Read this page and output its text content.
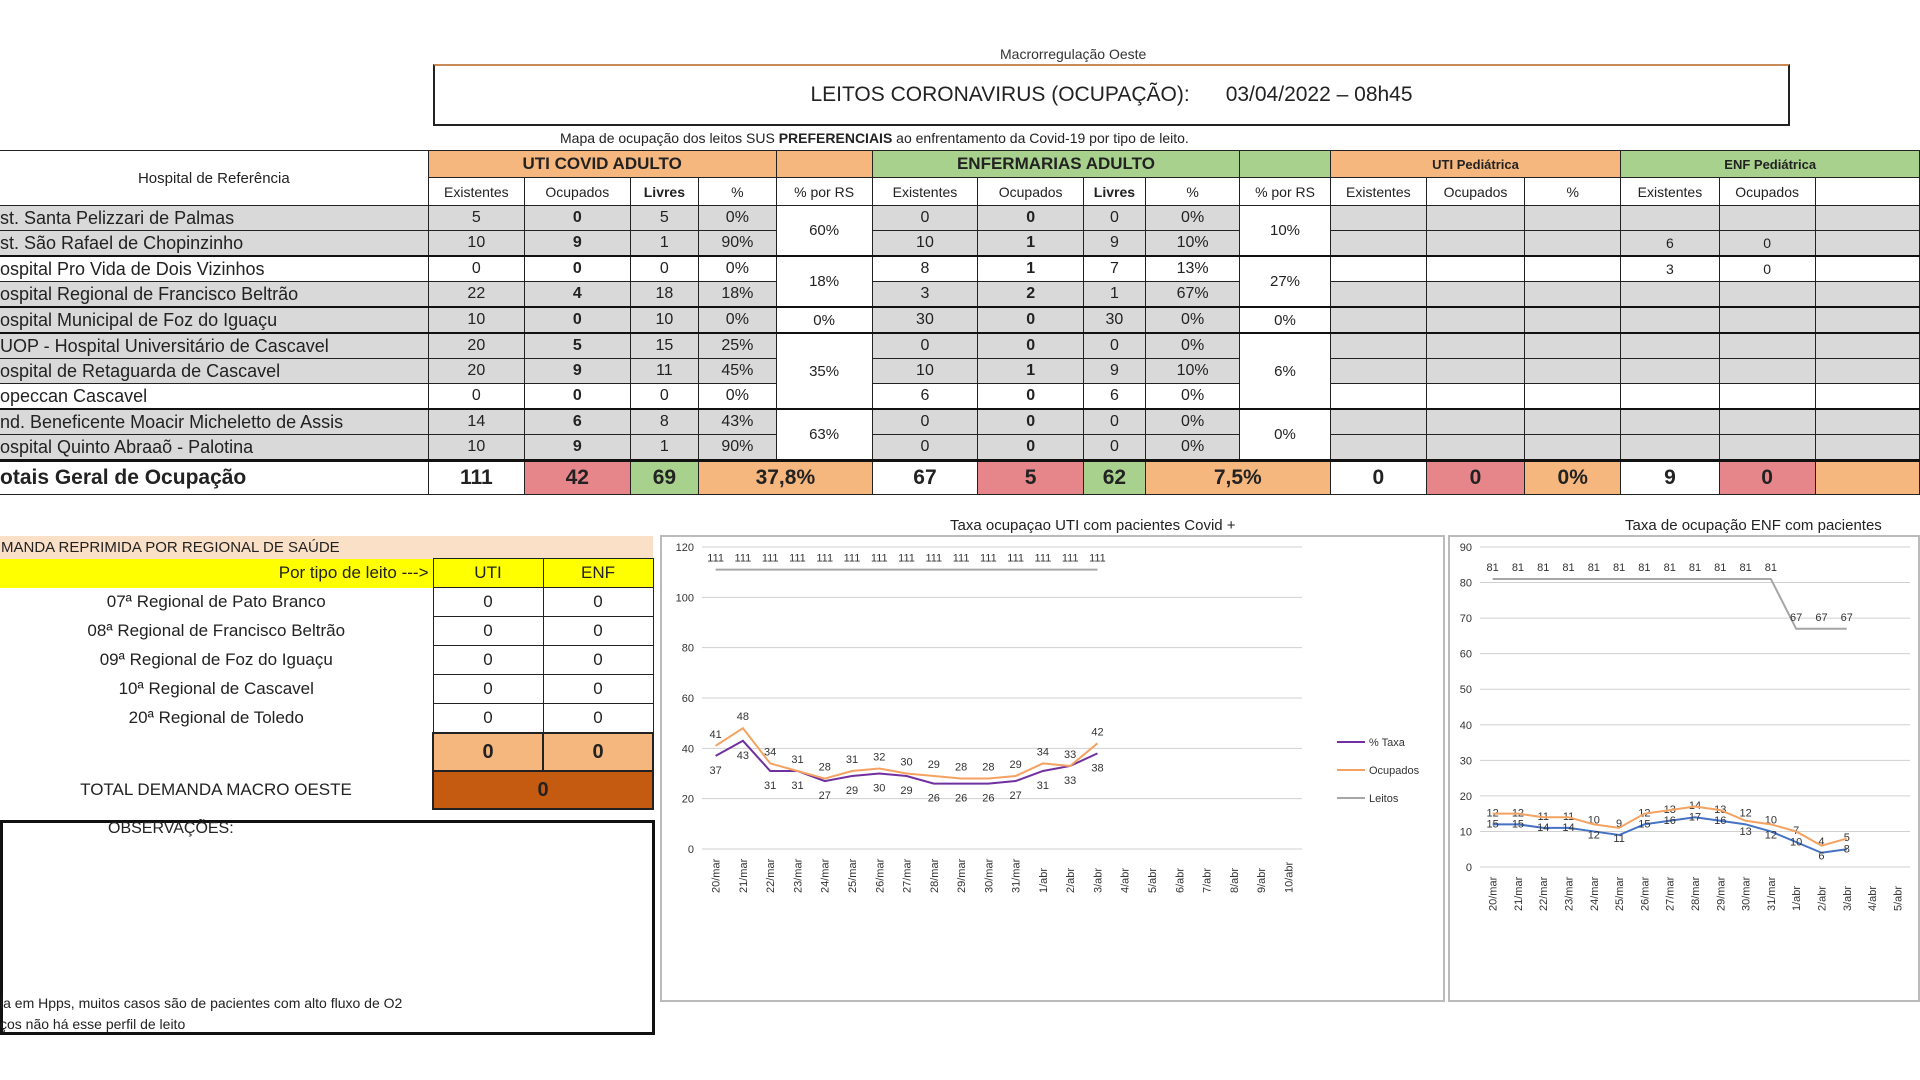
Macrorregulação Oeste
LEITOS CORONAVIRUS (OCUPAÇÃO): 03/04/2022 – 08h45
Mapa de ocupação dos leitos SUS PREFERENCIAIS ao enfrentamento da Covid-19 por tipo de leito.
Hospital de Referência	UTI COVID ADULTO					ENFERMARIAS ADULTO					UTI Pediátrica			ENF Pediátrica		
	Existentes	Ocupados	Livres	%	% por RS	Existentes	Ocupados	Livres	%	% por RS	Existentes	Ocupados	%	Existentes	Ocupados	
st. Santa Pelizzari de Palmas	5	0	5	0%	60%	0	0	0	0%	10%						
st. São Rafael de Chopinzinho	10	9	1	90%		10	1	9	10%					6	0	
ospital Pro Vida de Dois Vizinhos	0	0	0	0%	18%	8	1	7	13%	27%				3	0	
ospital Regional de Francisco Beltrão	22	4	18	18%		3	2	1	67%							
ospital Municipal de Foz do Iguaçu	10	0	10	0%	0%	30	0	30	0%	0%						
UOP - Hospital Universitário de Cascavel	20	5	15	25%	35%	0	0	0	0%	6%						
ospital de Retaguarda de Cascavel	20	9	11	45%		10	1	9	10%							
opeccan Cascavel	0	0	0	0%		6	0	6	0%							
nd. Beneficente Moacir Micheletto de Assis	14	6	8	43%	63%	0	0	0	0%	0%						
ospital Quinto Abraaõ - Palotina	10	9	1	90%		0	0	0	0%							
otais Geral de Ocupação	111	42	69	37,8%		67	5	62	7,5%		0	0	0%	9	0	
MANDA REPRIMIDA POR REGIONAL DE SAÚDE		
Por tipo de leito --->	UTI	ENF
07ª Regional de Pato Branco	0	0
08ª Regional de Francisco Beltrão	0	0
09ª Regional de Foz do Iguaçu	0	0
10ª Regional de Cascavel	0	0
20ª Regional de Toledo	0	0
	0	0
TOTAL DEMANDA MACRO OESTE	0	
OBSERVAÇÕES:
ia em Hpps, muitos casos são de pacientes com alto fluxo de O2
ços não há esse perfil de leito
Taxa ocupaçao UTI com pacientes Covid +
0
20
40
60
80
100
120
20/mar 21/mar 22/mar 23/mar 24/mar 25/mar 26/mar 27/mar 28/mar 29/mar 30/mar 31/mar 1/abr 2/abr 3/abr 4/abr 5/abr 6/abr 7/abr 8/abr 9/abr 10/abr
37
43
31 31
27 29 30 29
26 26 26 27
31 33
38
41
48
34
31
28
31 32 30 29 28 28 29
34 33
42
111 111 111 111 111 111 111 111 111 111 111 111 111 111 111
% Taxa
Ocupados
Leitos
Taxa de ocupação ENF com pacientes
0
10
20
30
40
50
60
70
80
90
20/mar 21/mar 22/mar 23/mar 24/mar 25/mar 26/mar 27/mar 28/mar 29/mar 30/mar 31/mar 1/abr 2/abr 3/abr 4/abr 5/abr
12 12 11 11 10 9
12 13 14 13 12
10
7
4 5
15 15 14 14
12 11
15 16 17 16
13 12
10
6
8
81 81 81 81 81 81 81 81 81 81 81 81
67 67 67
